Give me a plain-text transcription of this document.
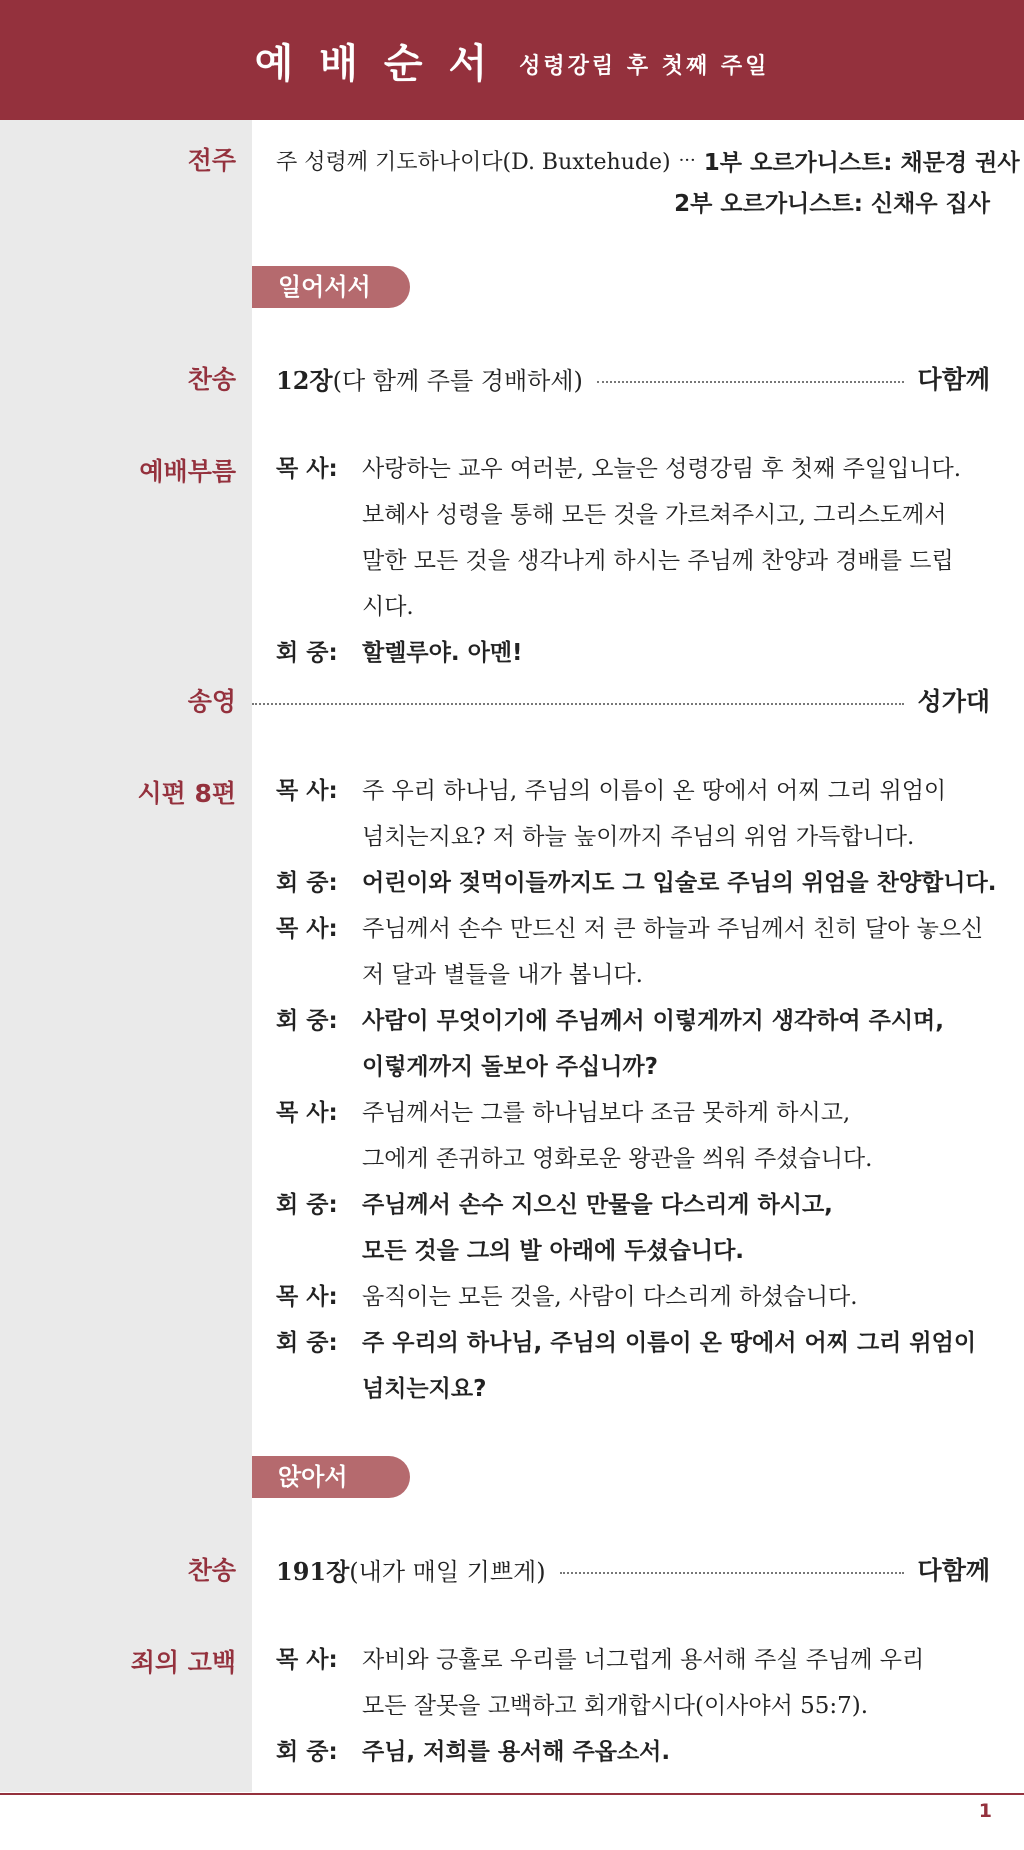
예배순서 성령강림 후 첫째 주일
전주 주 성령께 기도하나이다(D. Buxtehude) ··· 1부 오르가니스트: 채문경 권사
2부 오르가니스트: 신채우 집사
일어서서
찬송 12장 (다 함께 주를 경배하세)	다함께
예배부름 목 사:	사랑하는 교우 여러분, 오늘은 성령강림 후 첫째 주일입니다.
보혜사 성령을 통해 모든 것을 가르쳐주시고, 그리스도께서
말한 모든 것을 생각나게 하시는 주님께 찬양과 경배를 드립
시다.
회 중:	할렐루야. 아멘!
송영	성가대
시편 8편 목 사:	주 우리 하나님, 주님의 이름이 온 땅에서 어찌 그리 위엄이
넘치는지요? 저 하늘 높이까지 주님의 위엄 가득합니다.
회 중:	어린이와 젖먹이들까지도 그 입술로 주님의 위엄을 찬양합니다.
목 사:	주님께서 손수 만드신 저 큰 하늘과 주님께서 친히 달아 놓으신
저 달과 별들을 내가 봅니다.
회 중:	사람이 무엇이기에 주님께서 이렇게까지 생각하여 주시며,
이렇게까지 돌보아 주십니까?
목 사:	주님께서는 그를 하나님보다 조금 못하게 하시고,
그에게 존귀하고 영화로운 왕관을 씌워 주셨습니다.
회 중:	주님께서 손수 지으신 만물을 다스리게 하시고,
모든 것을 그의 발 아래에 두셨습니다.
목 사:	움직이는 모든 것을, 사람이 다스리게 하셨습니다.
회 중:	주 우리의 하나님, 주님의 이름이 온 땅에서 어찌 그리 위엄이
넘치는지요?
앉아서
찬송 191장 (내가 매일 기쁘게)	다함께
죄의 고백 목 사:	자비와 긍휼로 우리를 너그럽게 용서해 주실 주님께 우리
모든 잘못을 고백하고 회개합시다(이사야서 55:7).
회 중:	주님, 저희를 용서해 주옵소서.
1
